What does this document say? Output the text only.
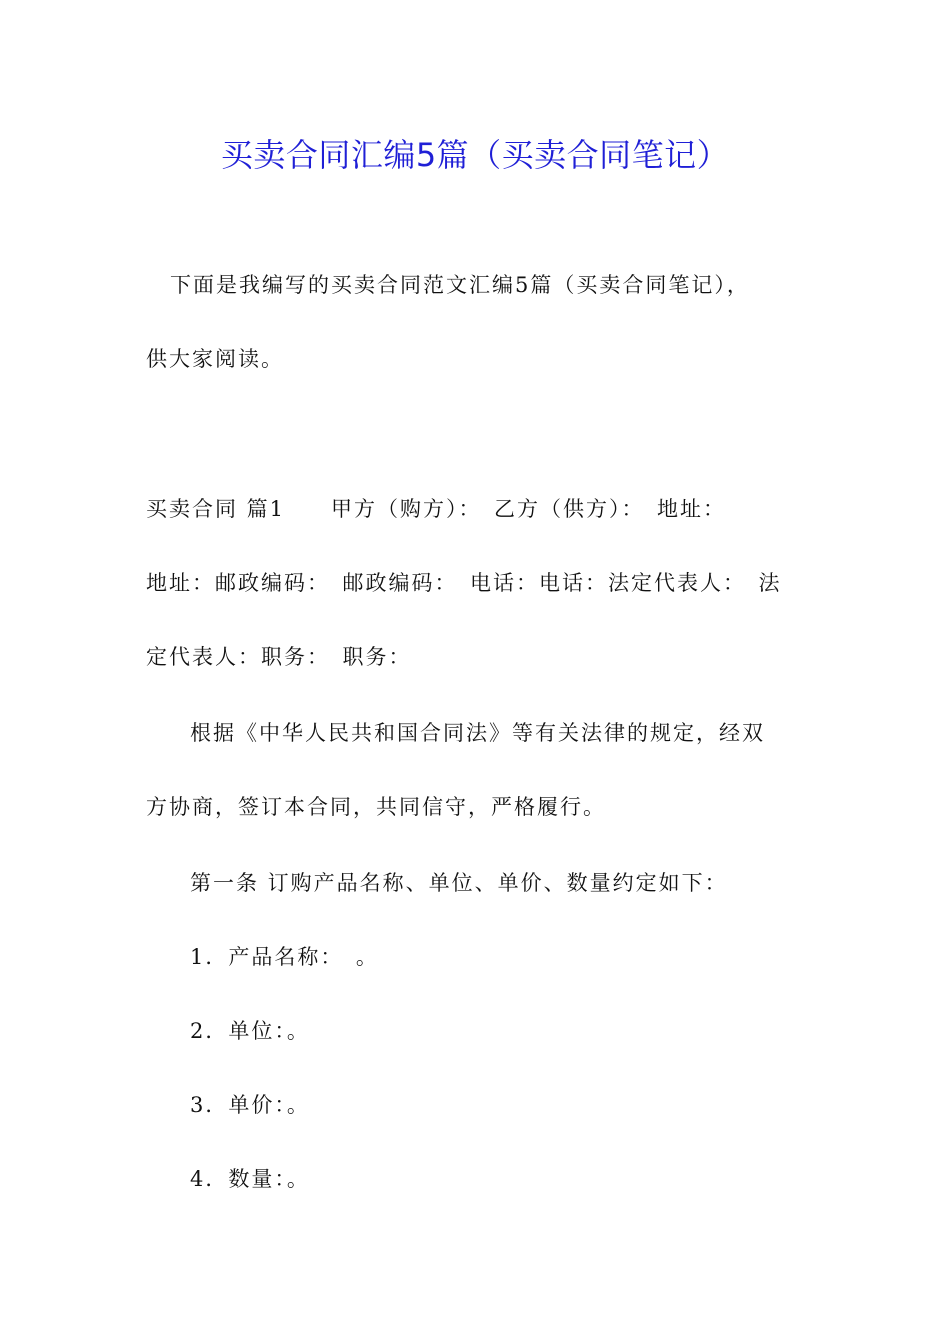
买卖合同汇编5篇（买卖合同笔记）
下面是我编写的买卖合同范文汇编5篇（买卖合同笔记），
供大家阅读。
买卖合同 篇1　　甲方（购方）：　乙方（供方）：　地址：
地址：邮政编码：　邮政编码：　电话：电话：法定代表人：　法
定代表人：职务：　职务：
根据《中华人民共和国合同法》等有关法律的规定，经双
方协商，签订本合同，共同信守，严格履行。
第一条 订购产品名称、单位、单价、数量约定如下：
1．产品名称：　。
2．单位：。
3．单价：。
4．数量：。
